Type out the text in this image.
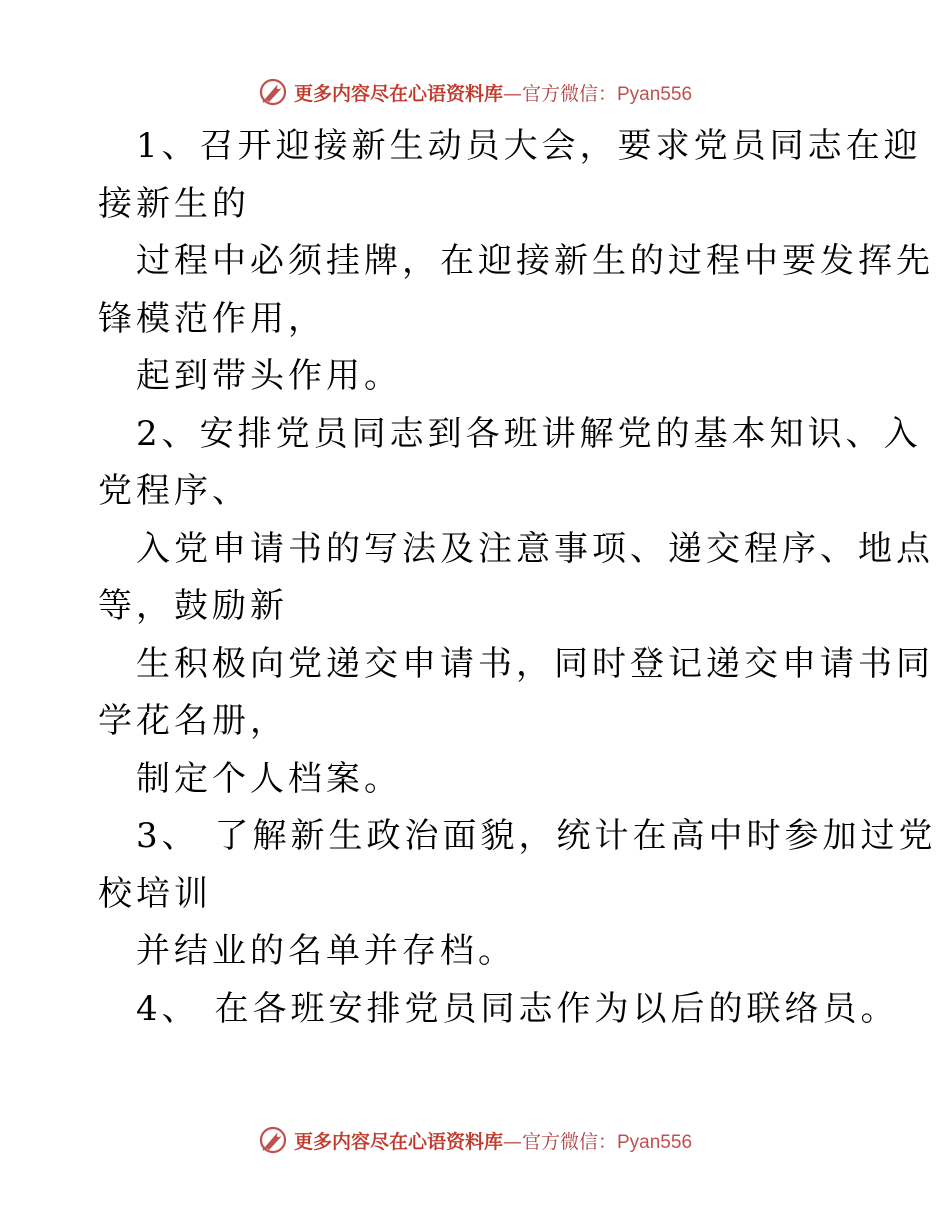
更多内容尽在心语资料库—官方微信：Pyan556
1、召开迎接新生动员大会，要求党员同志在迎
接新生的
过程中必须挂牌，在迎接新生的过程中要发挥先
锋模范作用，
起到带头作用。
2、安排党员同志到各班讲解党的基本知识、入
党程序、
入党申请书的写法及注意事项、递交程序、地点
等，鼓励新
生积极向党递交申请书，同时登记递交申请书同
学花名册，
制定个人档案。
3、 了解新生政治面貌，统计在高中时参加过党
校培训
并结业的名单并存档。
4、 在各班安排党员同志作为以后的联络员。
更多内容尽在心语资料库—官方微信：Pyan556
